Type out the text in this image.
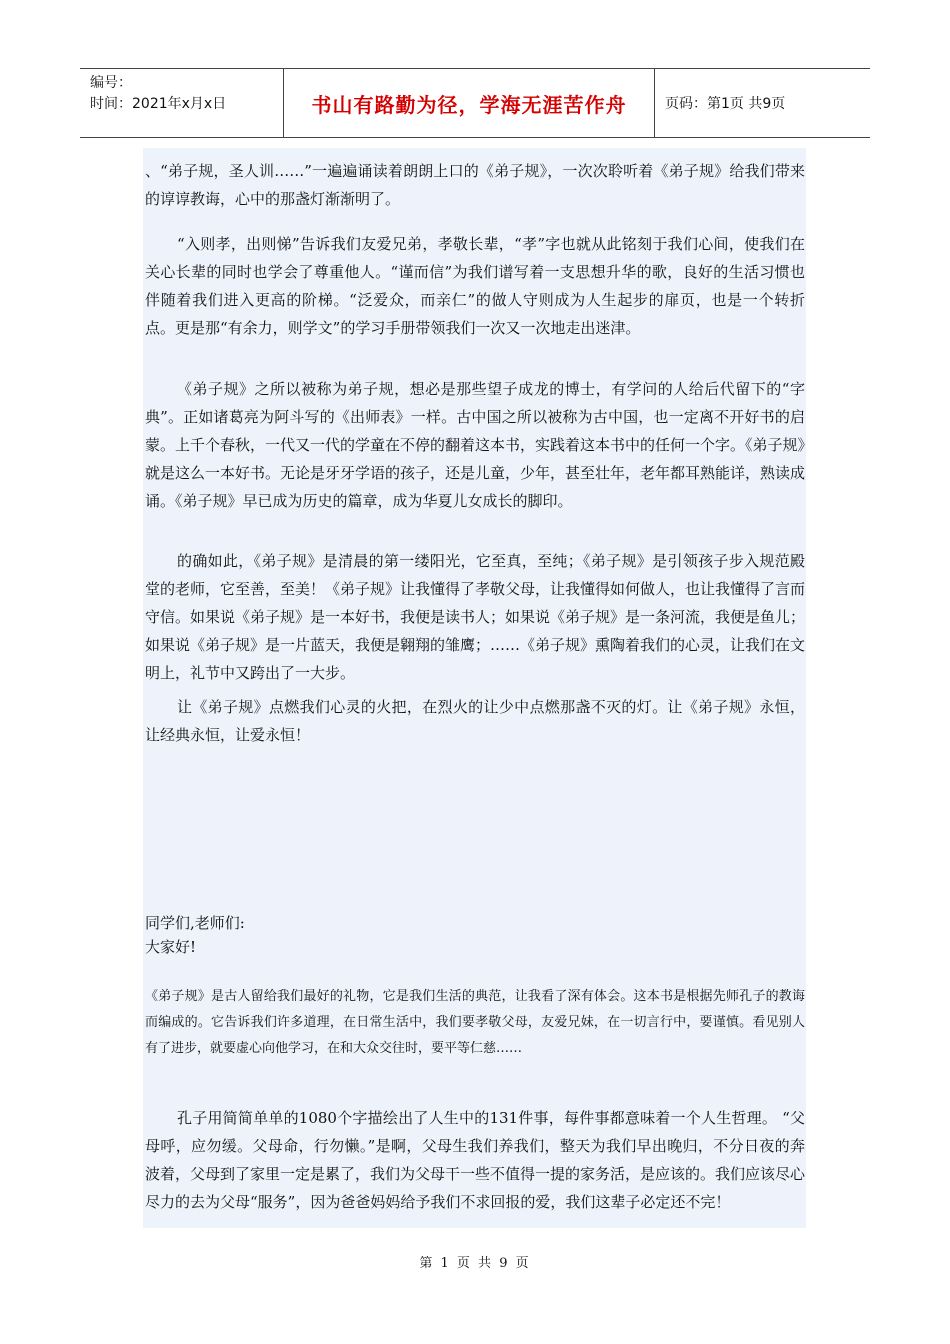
编号：
时间：2021年x月x日	书山有路勤为径，学海无涯苦作舟	页码：第1页 共9页

、“弟子规，圣人训……”一遍遍诵读着朗朗上口的《弟子规》，一次次聆听着《弟子规》给我们带来的谆谆教诲，心中的那盏灯渐渐明了。

“入则孝，出则悌”告诉我们友爱兄弟，孝敬长辈，“孝”字也就从此铭刻于我们心间，使我们在关心长辈的同时也学会了尊重他人。“谨而信”为我们谱写着一支思想升华的歌，良好的生活习惯也伴随着我们进入更高的阶梯。“泛爱众，而亲仁”的做人守则成为人生起步的扉页，也是一个转折点。更是那“有余力，则学文”的学习手册带领我们一次又一次地走出迷津。

《弟子规》之所以被称为弟子规，想必是那些望子成龙的博士，有学问的人给后代留下的“字典”。正如诸葛亮为阿斗写的《出师表》一样。古中国之所以被称为古中国，也一定离不开好书的启蒙。上千个春秋，一代又一代的学童在不停的翻着这本书，实践着这本书中的任何一个字。《弟子规》就是这么一本好书。无论是牙牙学语的孩子，还是儿童，少年，甚至壮年，老年都耳熟能详，熟读成诵。《弟子规》早已成为历史的篇章，成为华夏儿女成长的脚印。

的确如此，《弟子规》是清晨的第一缕阳光，它至真，至纯；《弟子规》是引领孩子步入规范殿堂的老师，它至善，至美！《弟子规》让我懂得了孝敬父母，让我懂得如何做人，也让我懂得了言而守信。如果说《弟子规》是一本好书，我便是读书人；如果说《弟子规》是一条河流，我便是鱼儿；如果说《弟子规》是一片蓝天，我便是翱翔的雏鹰；……《弟子规》熏陶着我们的心灵，让我们在文明上，礼节中又跨出了一大步。

让《弟子规》点燃我们心灵的火把，在烈火的让少中点燃那盏不灭的灯。让《弟子规》永恒，让经典永恒，让爱永恒！

同学们,老师们:

大家好!

《弟子规》是古人留给我们最好的礼物，它是我们生活的典范，让我看了深有体会。这本书是根据先师孔子的教诲而编成的。它告诉我们许多道理，在日常生活中，我们要孝敬父母，友爱兄妹，在一切言行中，要谨慎。看见别人有了进步，就要虚心向他学习，在和大众交往时，要平等仁慈……

孔子用简简单单的1080个字描绘出了人生中的131件事，每件事都意味着一个人生哲理。 “父母呼，应勿缓。父母命，行勿懒。”是啊，父母生我们养我们，整天为我们早出晚归，不分日夜的奔波着，父母到了家里一定是累了，我们为父母干一些不值得一提的家务活，是应该的。我们应该尽心尽力的去为父母“服务”，因为爸爸妈妈给予我们不求回报的爱，我们这辈子必定还不完！

第 1 页 共 9 页
